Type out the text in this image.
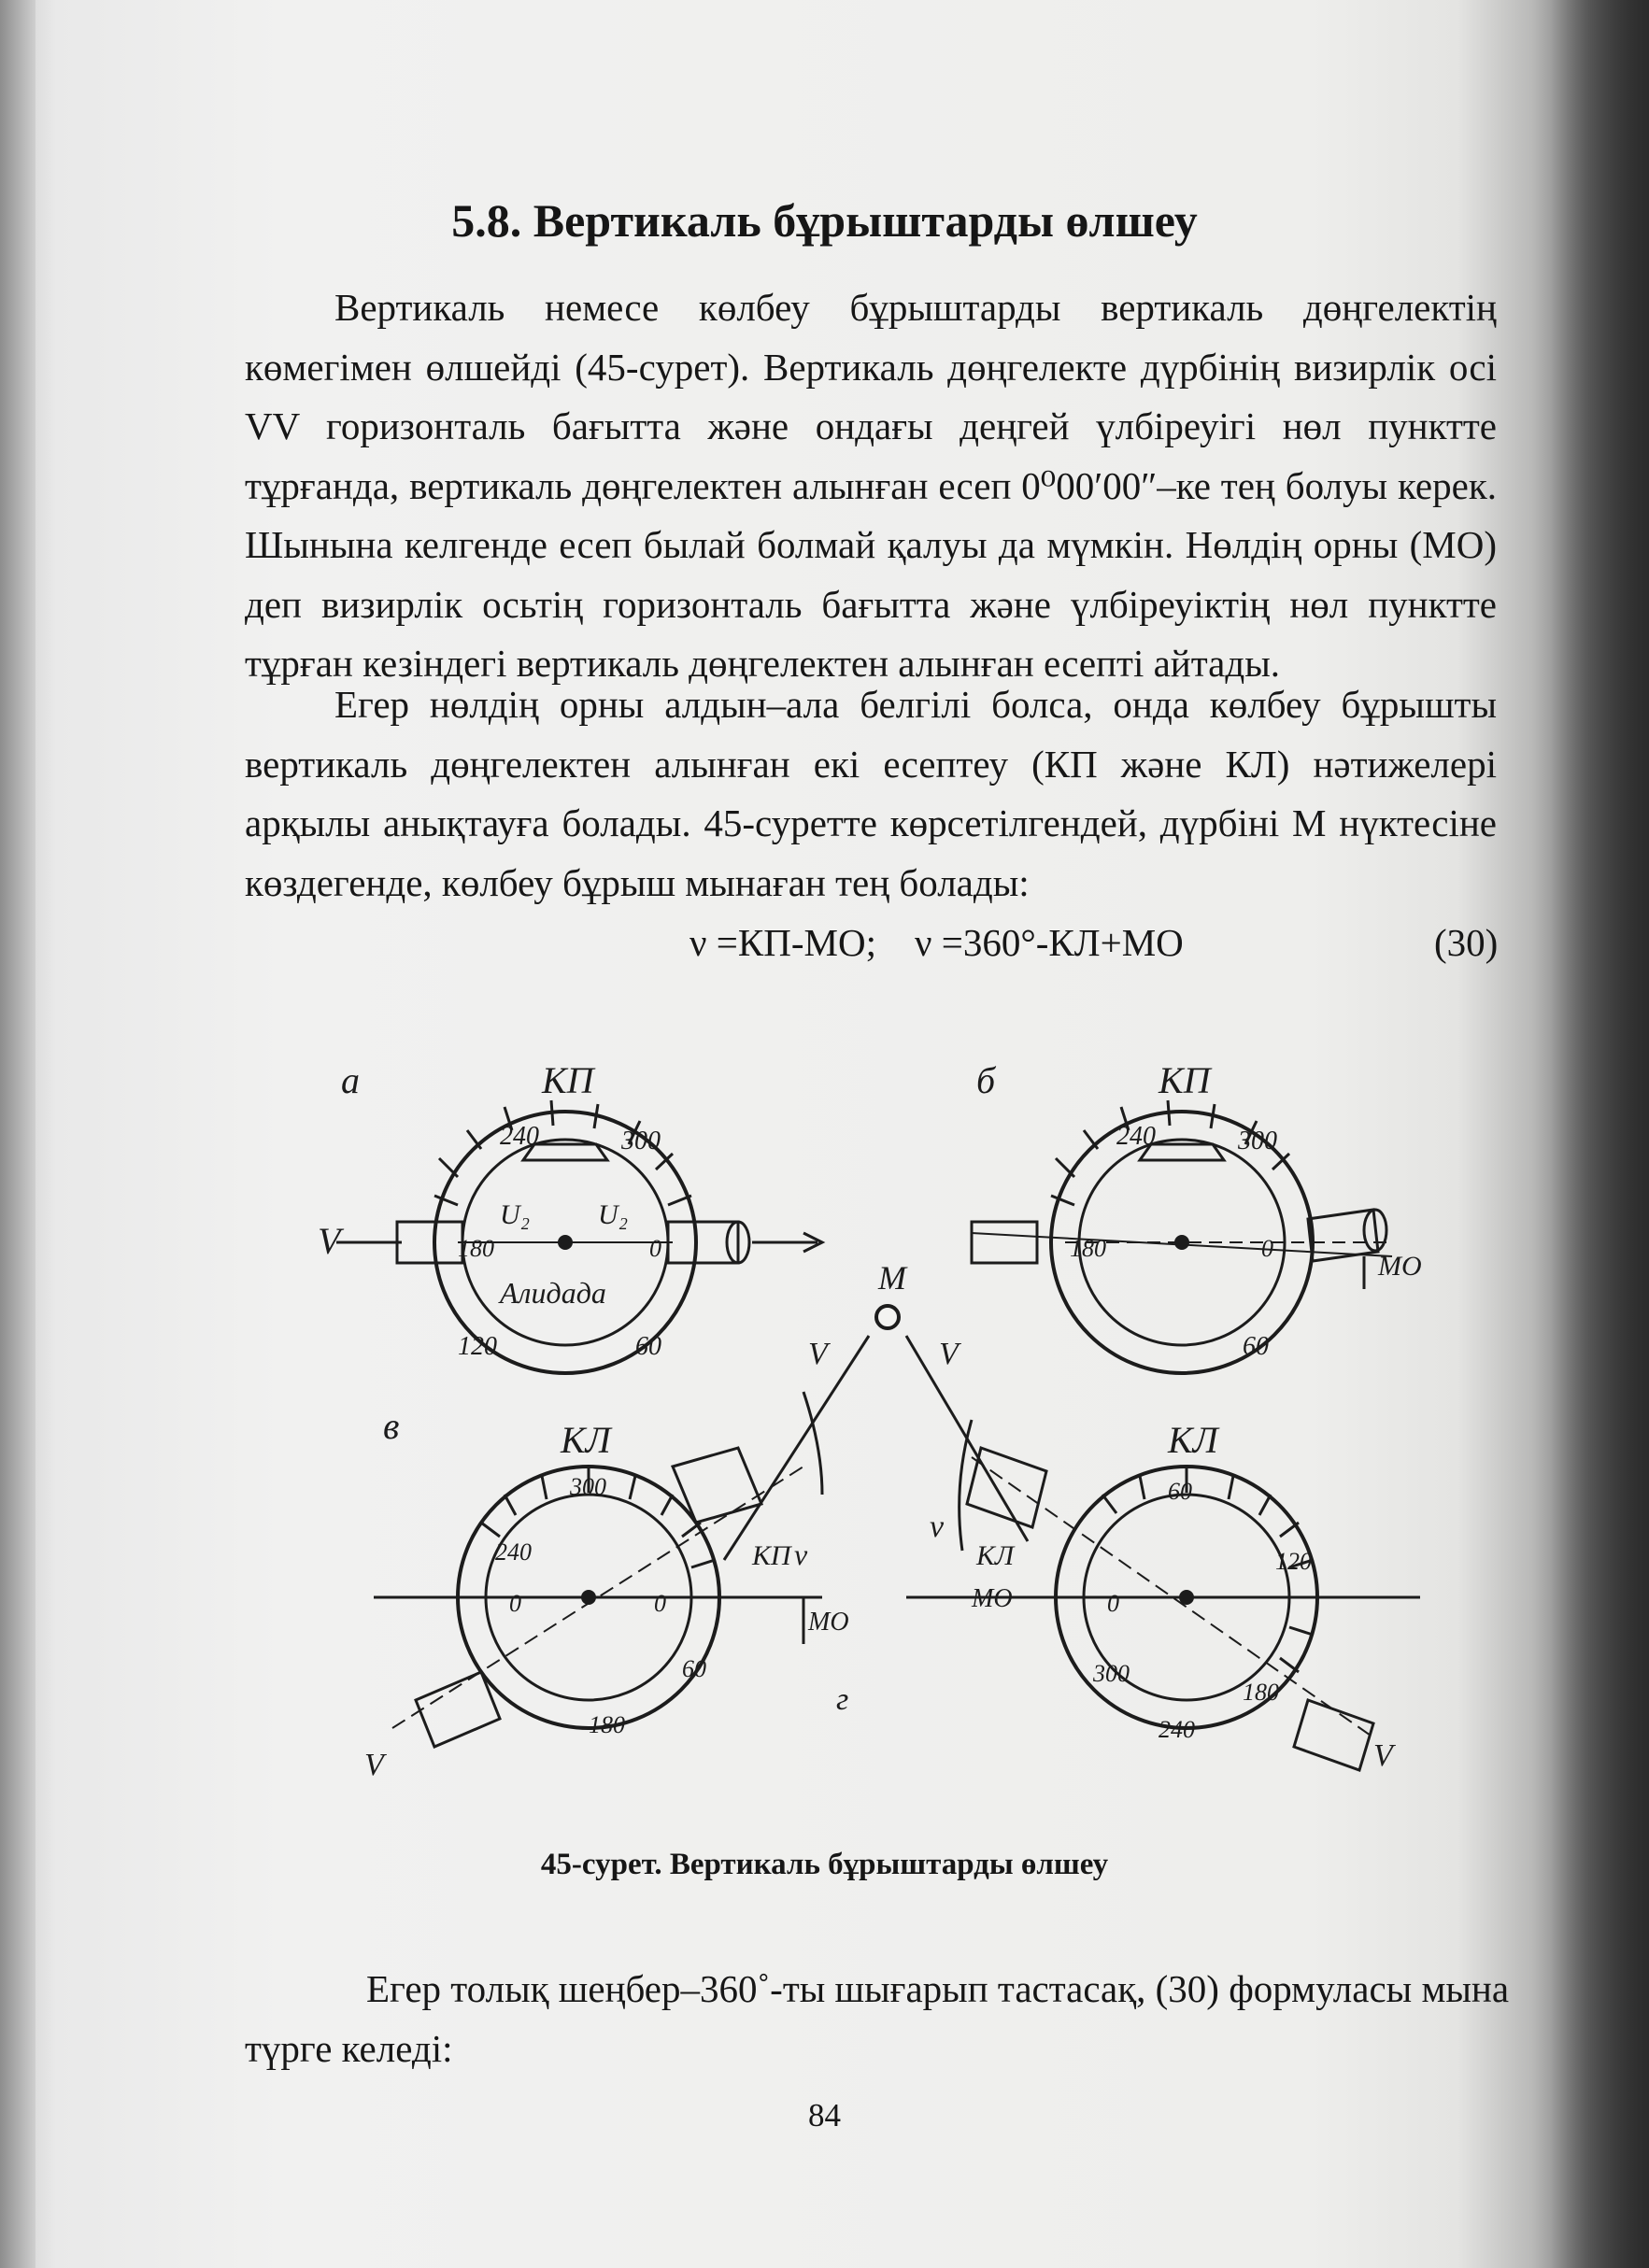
5.8. Вертикаль бұрыштарды өлшеу

Вертикаль немесе көлбеу бұрыштарды вертикаль дөңгелектің көмегімен өлшейді (45-сурет). Вертикаль дөңгелекте дүрбінің визирлік осі VV горизонталь бағытта және ондағы деңгей үлбіреуігі нөл пунктте тұрғанда, вертикаль дөңгелектен алынған есеп 0⁰00′00″–ке тең болуы керек. Шынына келгенде есеп былай болмай қалуы да мүмкін. Нөлдің орны (МО) деп визирлік осьтің горизонталь бағытта және үлбіреуіктің нөл пунктте тұрған кезіндегі вертикаль дөңгелектен алынған есепті айтады.

Егер нөлдің орны алдын–ала белгілі болса, онда көлбеу бұрышты вертикаль дөңгелектен алынған екі есептеу (КП және КЛ) нәтижелері арқылы анықтауға болады. 45-суретте көрсетілгендей, дүрбіні М нүктесіне көздегенде, көлбеу бұрыш мынаған тең болады:

ν =КП-МО;    ν =360°-КЛ+МО	(30)
а	КП
V
Алидада
U₂ U₂
240	300
180	0
60
120
б	КП
МО
240	300
180	0
60
М
V	V
в	КЛ
КП ν
МО
V
300
240
0	0
60
180
г
КЛ
КЛ
МО
ν
V
60
120
0
300
180
240

45-сурет. Вертикаль бұрыштарды өлшеу

Егер толық шеңбер–360˚-ты шығарып тастасақ, (30) формуласы мына түрге келеді:

84
